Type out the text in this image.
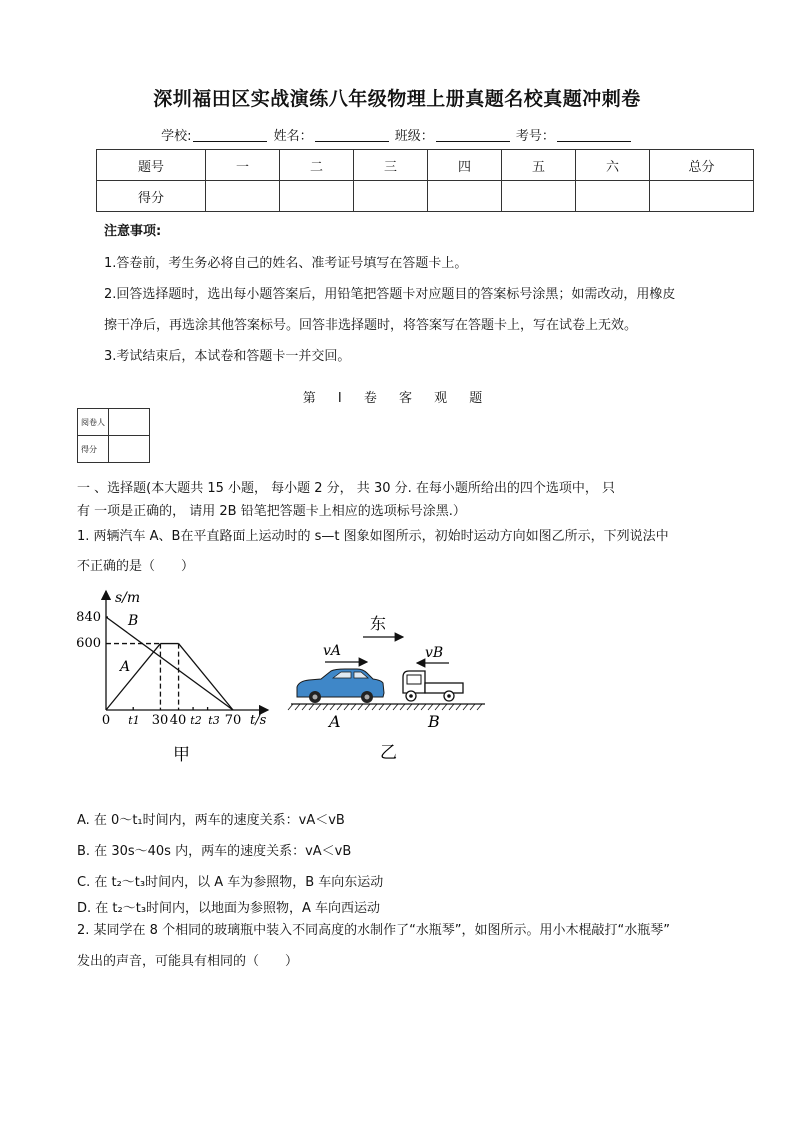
深圳福田区实战演练八年级物理上册真题名校真题冲刺卷
学校:	姓名：	班级：	考号：
题号	一	二	三	四	五	六	总分
得分							
注意事项:
1.答卷前，考生务必将自己的姓名、准考证号填写在答题卡上。
2.回答选择题时，选出每小题答案后，用铅笔把答题卡对应题目的答案标号涂黑；如需改动，用橡皮
擦干净后，再选涂其他答案标号。回答非选择题时，将答案写在答题卡上，写在试卷上无效。
3.考试结束后，本试卷和答题卡一并交回。
第 I 卷 客 观 题
阅卷人	
得分	
一 、选择题(本大题共 15 小题， 每小题 2 分， 共 30 分. 在每小题所给出的四个选项中， 只
有 一项是正确的， 请用 2B 铅笔把答题卡上相应的选项标号涂黑.）
1. 两辆汽车 A、B在平直路面上运动时的 s—t 图象如图所示，初始时运动方向如图乙所示，下列说法中
不正确的是（　　）
s/m
t/s
840
600
0 t1 30 40 t2 t3 70
B
A
甲
东
vA	vB
A	B
乙
A. 在 0～t₁时间内，两车的速度关系：vA＜vB
B. 在 30s～40s 内，两车的速度关系：vA＜vB
C. 在 t₂～t₃时间内，以 A 车为参照物，B 车向东运动
D. 在 t₂～t₃时间内，以地面为参照物，A 车向西运动
2. 某同学在 8 个相同的玻璃瓶中装入不同高度的水制作了“水瓶琴”，如图所示。用小木棍敲打“水瓶琴”
发出的声音，可能具有相同的（　　）
